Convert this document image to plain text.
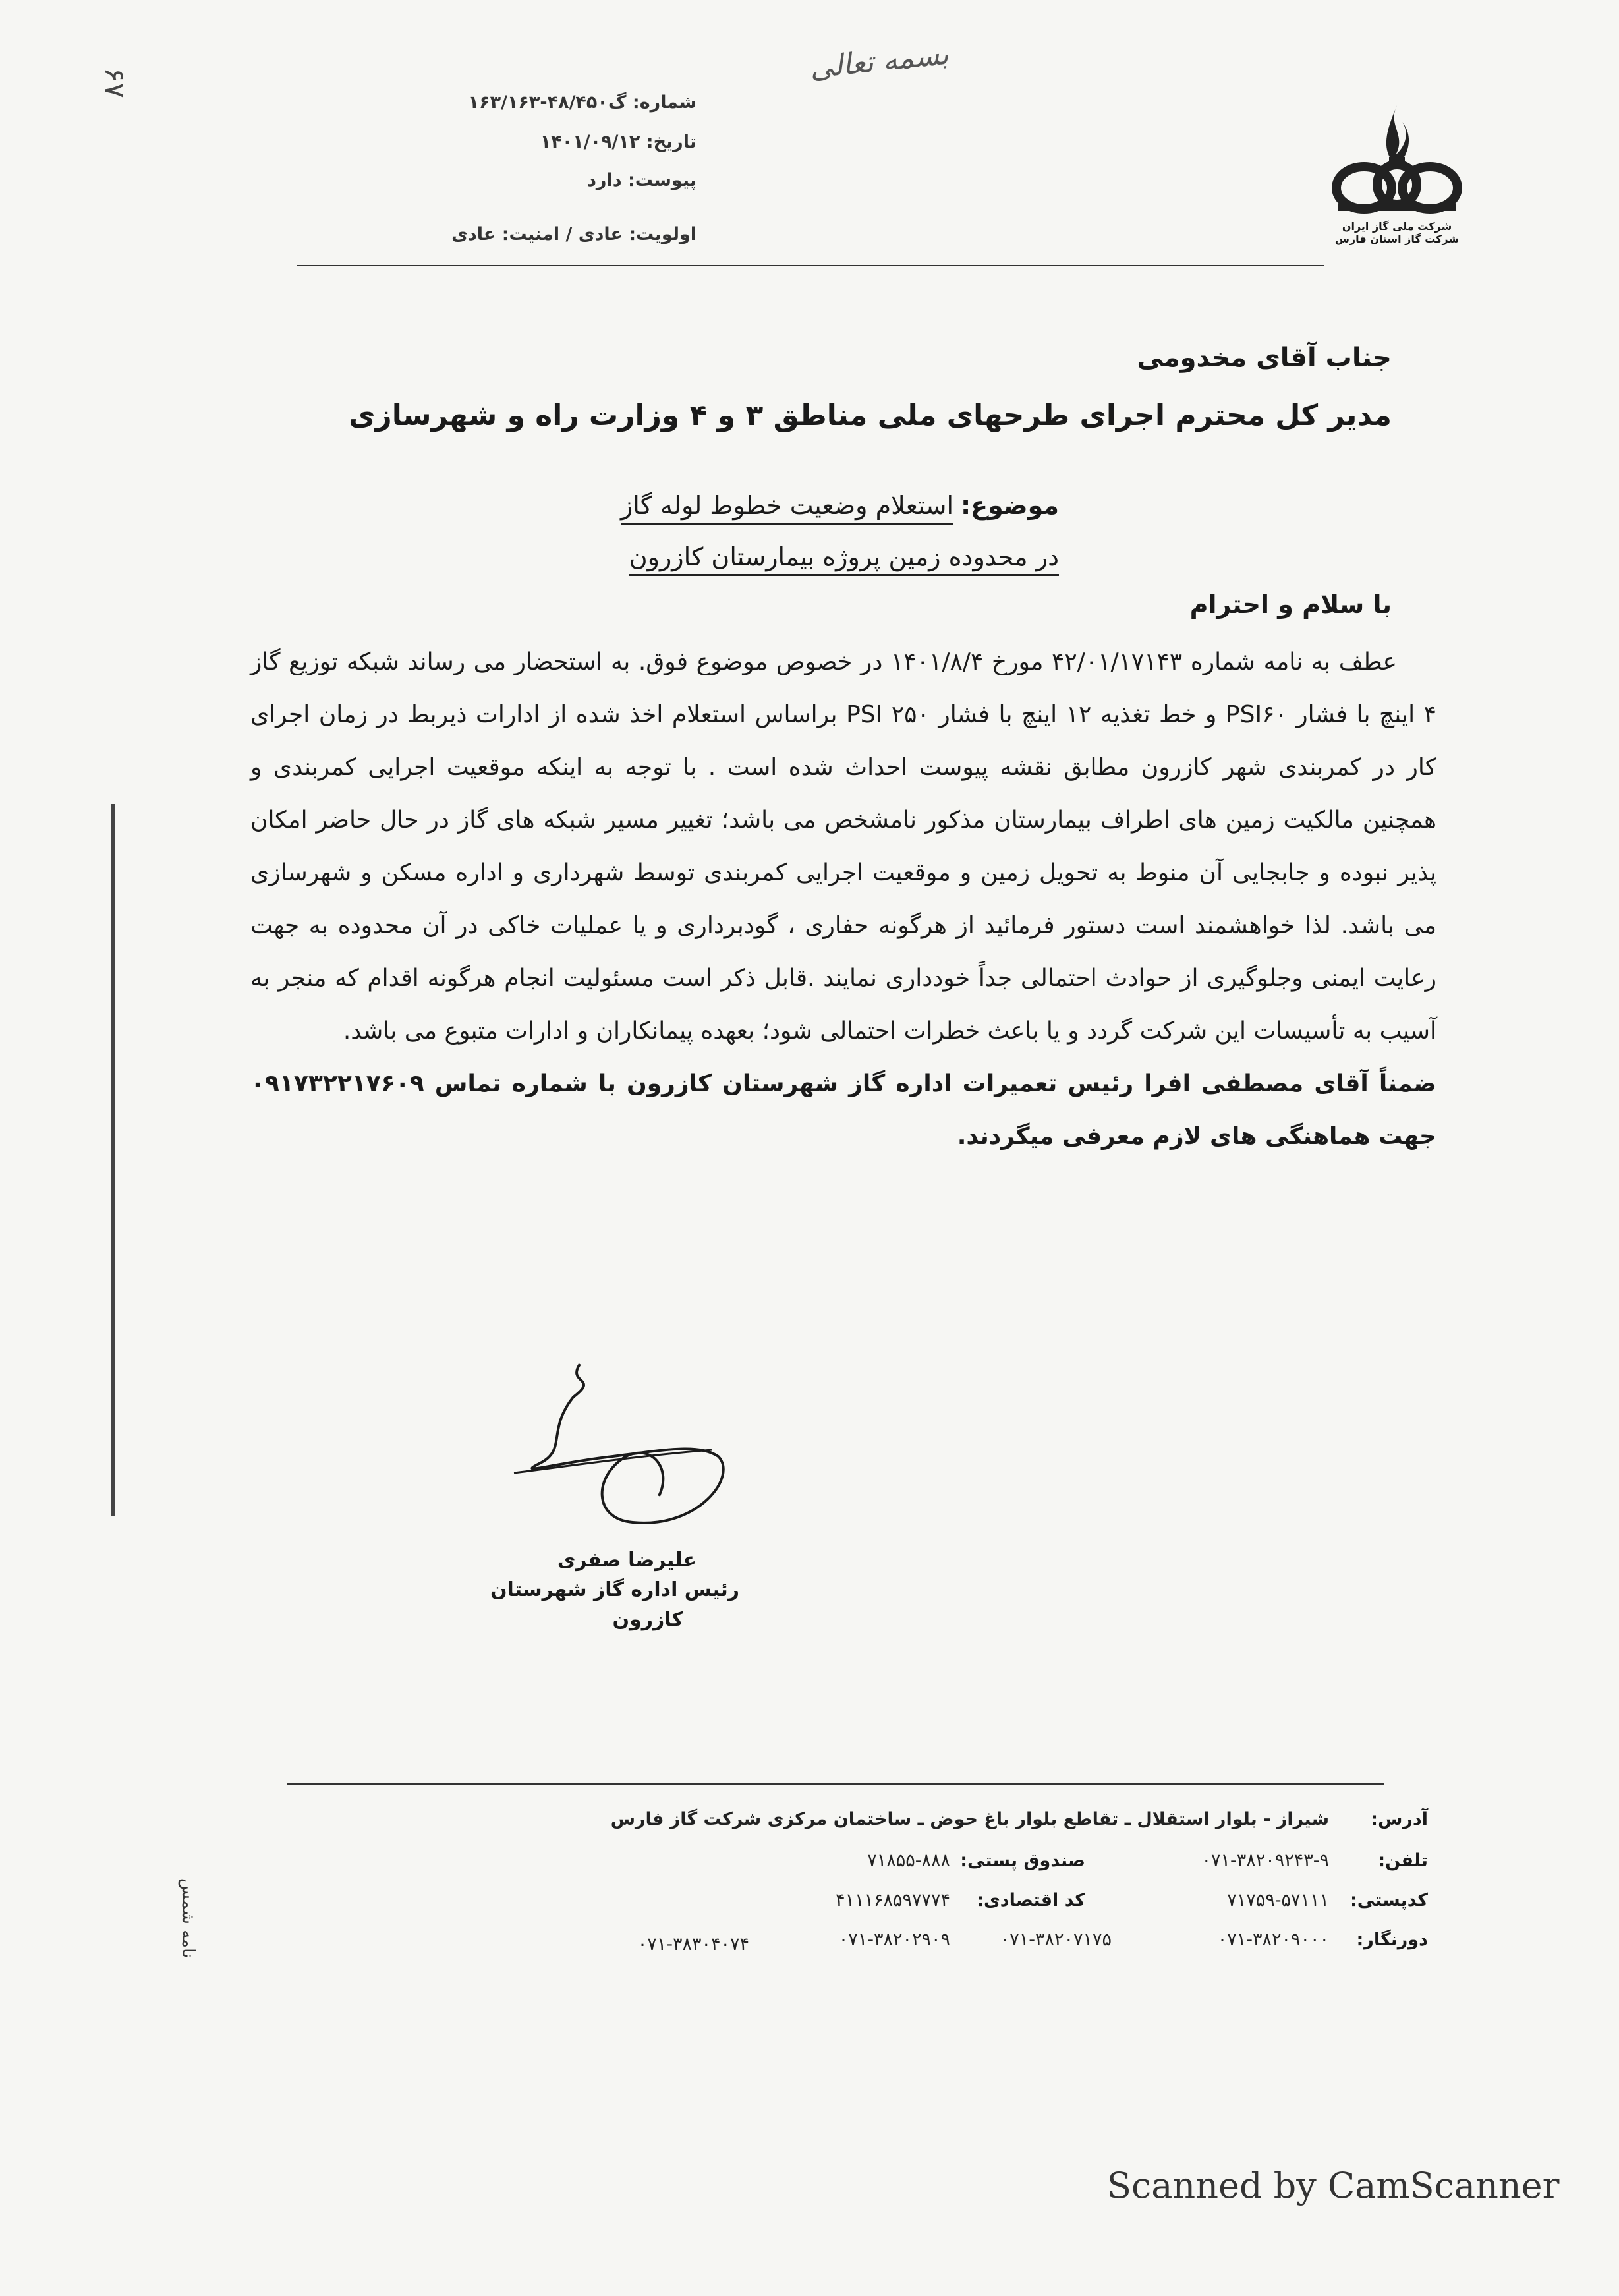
بسمه تعالی
۶۷
شرکت ملی گاز ایران
شرکت گاز استان فارس
شماره: گ۴۸/۴۵۰-۱۶۳/۱۶۳
تاریخ: ۱۴۰۱/۰۹/۱۲
پیوست: دارد
اولویت: عادی / امنیت: عادی
جناب آقای مخدومی
مدیر کل محترم اجرای طرحهای ملی مناطق ۳ و ۴ وزارت راه و شهرسازی
موضوع:
استعلام وضعیت خطوط لوله گاز
در محدوده زمین پروژه بیمارستان کازرون
با سلام و احترام

عطف به نامه شماره ۴۲/۰۱/۱۷۱۴۳ مورخ ۱۴۰۱/۸/۴ در خصوص موضوع فوق. به استحضار می رساند شبکه توزیع گاز ۴ اینچ با فشار PSI۶۰ و خط تغذیه ۱۲ اینچ با فشار PSI ۲۵۰ براساس استعلام اخذ شده از ادارات ذیربط در زمان اجرای کار در کمربندی شهر کازرون مطابق نقشه پیوست احداث شده است . با توجه به اینکه موقعیت اجرایی کمربندی و همچنین مالکیت زمین های اطراف بیمارستان مذکور نامشخص می باشد؛ تغییر مسیر شبکه های گاز در حال حاضر امکان پذیر نبوده و جابجایی آن منوط به تحویل زمین و موقعیت اجرایی کمربندی توسط شهرداری و اداره مسکن و شهرسازی می باشد. لذا خواهشمند است دستور فرمائید از هرگونه حفاری ، گودبرداری و یا عملیات خاکی در آن محدوده به جهت رعایت ایمنی وجلوگیری از حوادث احتمالی جداً خودداری نمایند .قابل ذکر است مسئولیت انجام هرگونه اقدام که منجر به آسیب به تأسیسات این شرکت گردد و یا باعث خطرات احتمالی شود؛ بعهده پیمانکاران و ادارات متبوع می باشد.

ضمناً آقای مصطفی افرا رئیس تعمیرات اداره گاز شهرستان کازرون با شماره تماس ۰۹۱۷۳۲۲۱۷۶۰۹ جهت هماهنگی های لازم معرفی میگردند.

علیرضا صفری
رئیس اداره گاز شهرستان
کازرون
آدرس:
شیراز - بلوار استقلال ـ تقاطع بلوار باغ حوض ـ ساختمان مرکزی شرکت گاز فارس
تلفن:
۰۷۱-۳۸۲۰۹۲۴۳-۹
صندوق پستی:
۷۱۸۵۵-۸۸۸
کدپستی:
۷۱۷۵۹-۵۷۱۱۱
کد اقتصادی:
۴۱۱۱۶۸۵۹۷۷۷۴
دورنگار:
۰۷۱-۳۸۲۰۹۰۰۰
۰۷۱-۳۸۲۰۷۱۷۵
۰۷۱-۳۸۲۰۲۹۰۹
۰۷۱-۳۸۳۰۴۰۷۴
نامه شمس
Scanned by CamScanner
